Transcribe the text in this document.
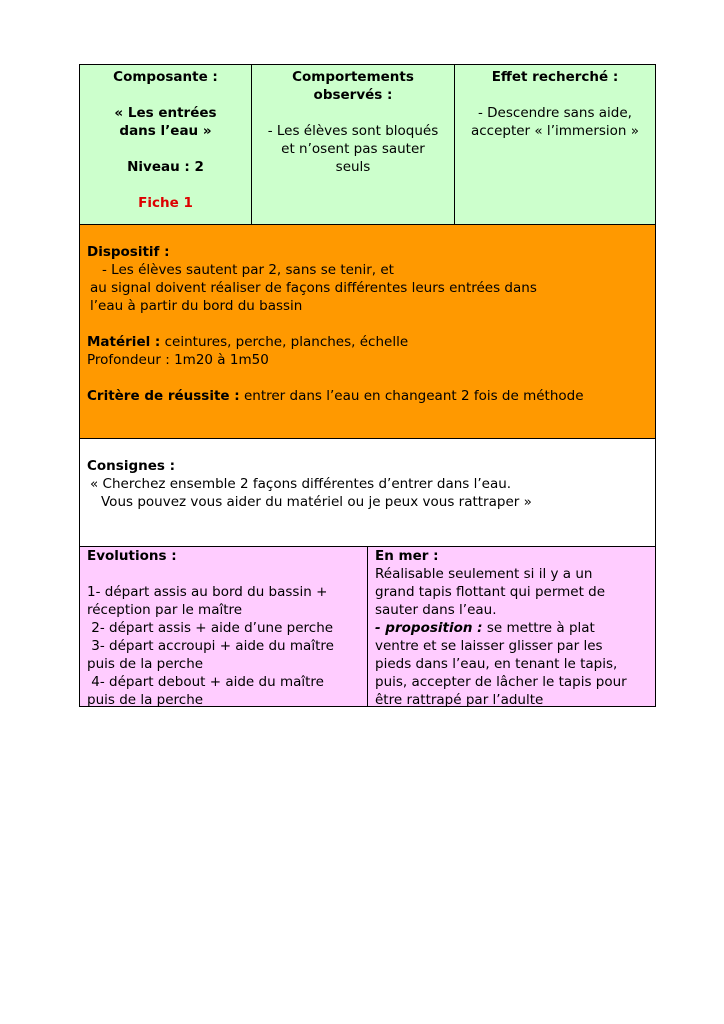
Composante :
« Les entrées
dans l’eau »
Niveau : 2
Fiche 1
Comportements
observés :
- Les élèves sont bloqués
et n’osent pas sauter
seuls
Effet recherché :
- Descendre sans aide,
accepter « l’immersion »

Dispositif :

- Les élèves sautent par 2, sans se tenir, et

au signal doivent réaliser de façons différentes leurs entrées dans

l’eau à partir du bord du bassin

Matériel : ceintures, perche, planches, échelle

Profondeur : 1m20 à 1m50

Critère de réussite : entrer dans l’eau en changeant 2 fois de méthode

Consignes :

« Cherchez ensemble 2 façons différentes d’entrer dans l’eau.

Vous pouvez vous aider du matériel ou je peux vous rattraper »

Evolutions :

1- départ assis au bord du bassin +

réception par le maître

2- départ assis + aide d’une perche

3- départ accroupi + aide du maître

puis de la perche

4- départ debout + aide du maître

puis de la perche

En mer :

Réalisable seulement si il y a un

grand tapis flottant qui permet de

sauter dans l’eau.

- proposition : se mettre à plat

ventre et se laisser glisser par les

pieds dans l’eau, en tenant le tapis,

puis, accepter de lâcher le tapis pour

être rattrapé par l’adulte
